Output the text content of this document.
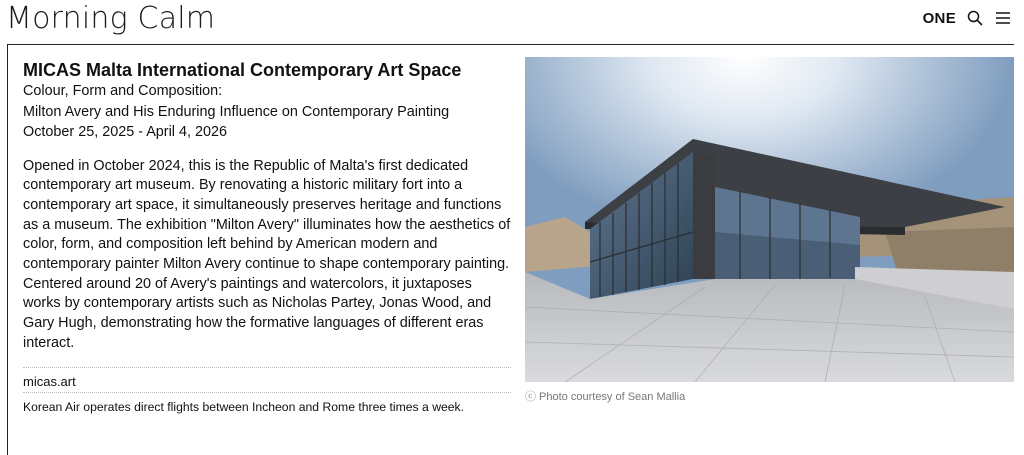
Morning Calm	ONE
MICAS Malta International Contemporary Art Space
Colour, Form and Composition:
Milton Avery and His Enduring Influence on Contemporary Painting
October 25, 2025 - April 4, 2026
Opened in October 2024, this is the Republic of Malta's first dedicated contemporary art museum. By renovating a historic military fort into a contemporary art space, it simultaneously preserves heritage and functions as a museum. The exhibition "Milton Avery" illuminates how the aesthetics of color, form, and composition left behind by American modern and contemporary painter Milton Avery continue to shape contemporary painting. Centered around 20 of Avery's paintings and watercolors, it juxtaposes works by contemporary artists such as Nicholas Partey, Jonas Wood, and Gary Hugh, demonstrating how the formative languages of different eras interact.
micas.art
Korean Air operates direct flights between Incheon and Rome three times a week.
ⓒ Photo courtesy of Sean Mallia
